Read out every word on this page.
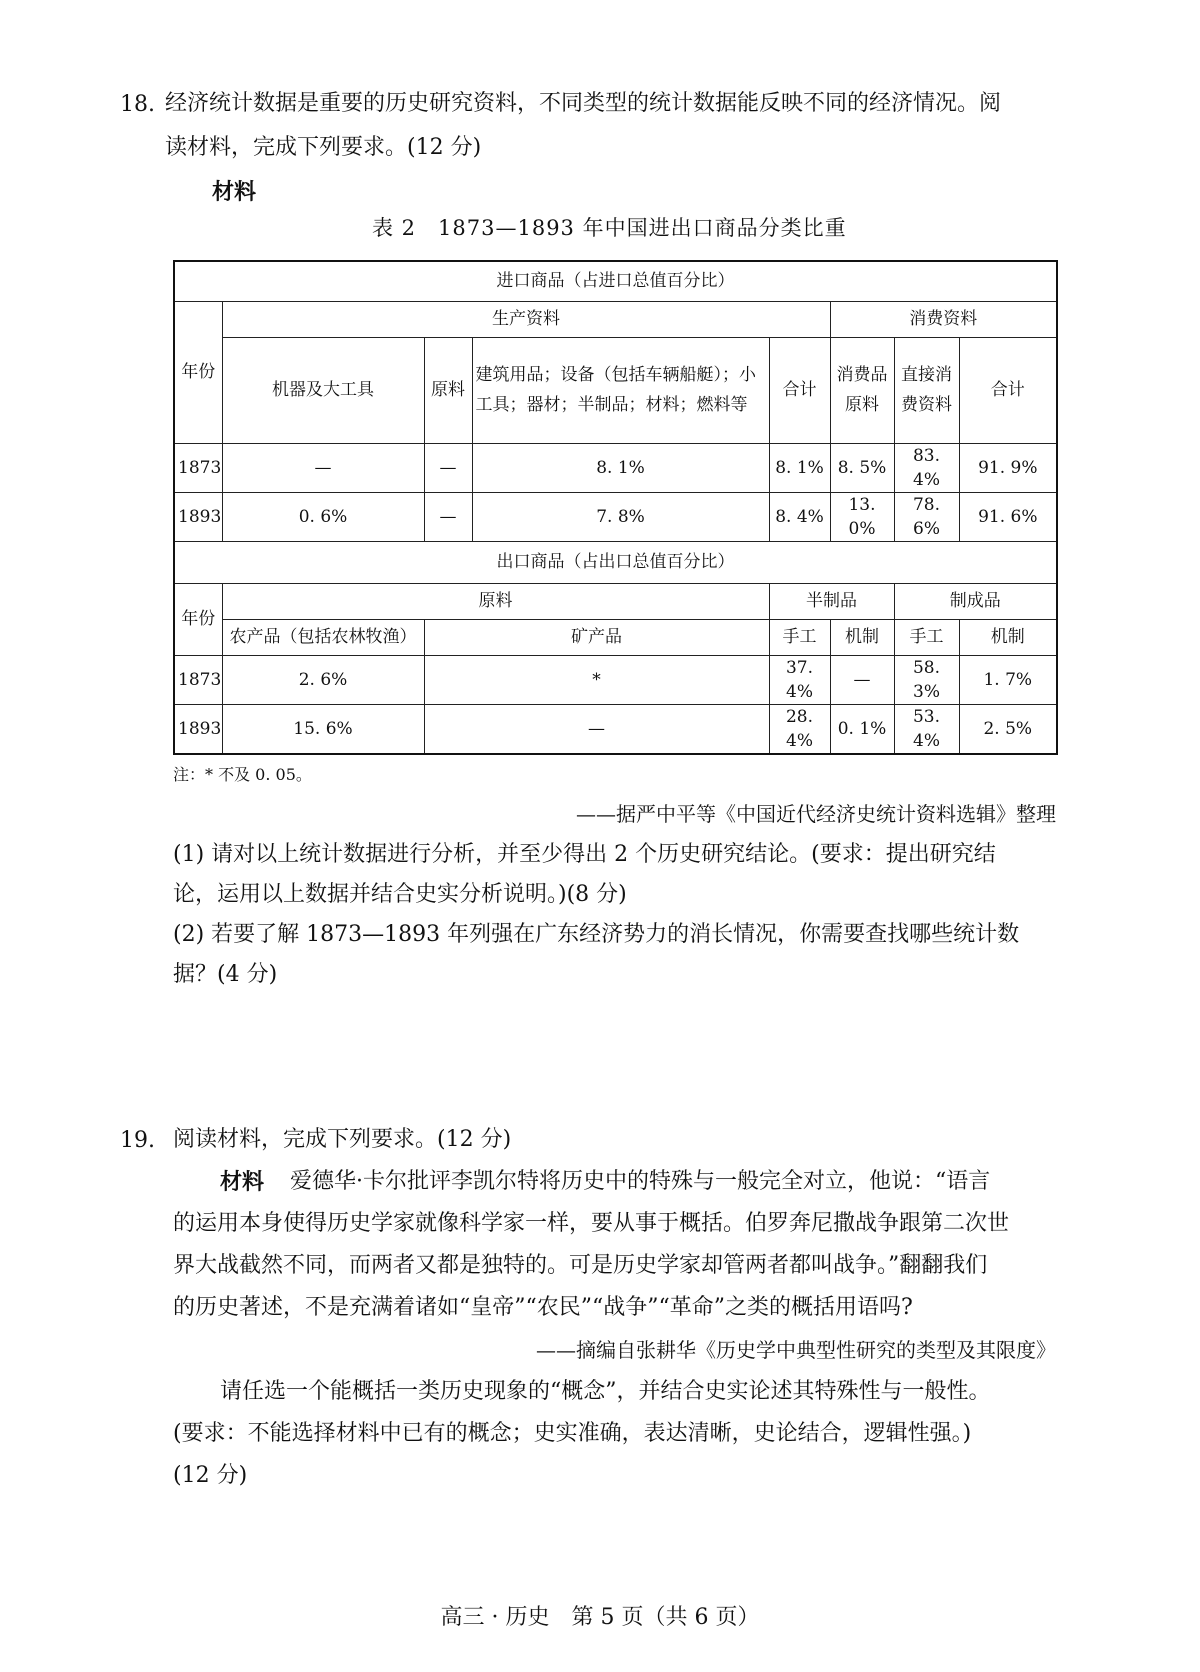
18. 经济统计数据是重要的历史研究资料，不同类型的统计数据能反映不同的经济情况。阅
读材料，完成下列要求。(12 分)
材料
表 2　1873—1893 年中国进出口商品分类比重
进口商品（占进口总值百分比）							
年份	生产资料				消费资料		
	机器及大工具	原料	建筑用品；设备（包括车辆船艇）；小工具；器材；半制品；材料；燃料等	合计	消费品原料	直接消费资料	合计
1873	—	—	8. 1%	8. 1%	8. 5%	83. 4%	91. 9%
1893	0. 6%	—	7. 8%	8. 4%	13. 0%	78. 6%	91. 6%
出口商品（占出口总值百分比）							
年份	原料			半制品		制成品	
	农产品（包括农林牧渔）	矿产品		手工	机制	手工	机制
1873	2. 6%	*		37. 4%	—	58. 3%	1. 7%
1893	15. 6%	—		28. 4%	0. 1%	53. 4%	2. 5%
注：* 不及 0. 05。
——据严中平等《中国近代经济史统计资料选辑》整理
(1) 请对以上统计数据进行分析，并至少得出 2 个历史研究结论。(要求：提出研究结
论，运用以上数据并结合史实分析说明。)(8 分)
(2) 若要了解 1873—1893 年列强在广东经济势力的消长情况，你需要查找哪些统计数
据？(4 分)
19. 阅读材料，完成下列要求。(12 分)
材料 爱德华·卡尔批评李凯尔特将历史中的特殊与一般完全对立，他说：“语言
的运用本身使得历史学家就像科学家一样，要从事于概括。伯罗奔尼撒战争跟第二次世
界大战截然不同，而两者又都是独特的。可是历史学家却管两者都叫战争。”翻翻我们
的历史著述，不是充满着诸如“皇帝”“农民”“战争”“革命”之类的概括用语吗?
——摘编自张耕华《历史学中典型性研究的类型及其限度》
请任选一个能概括一类历史现象的“概念”，并结合史实论述其特殊性与一般性。
(要求：不能选择材料中已有的概念；史实准确，表达清晰，史论结合，逻辑性强。)
(12 分)
高三 · 历史　第 5 页（共 6 页）
